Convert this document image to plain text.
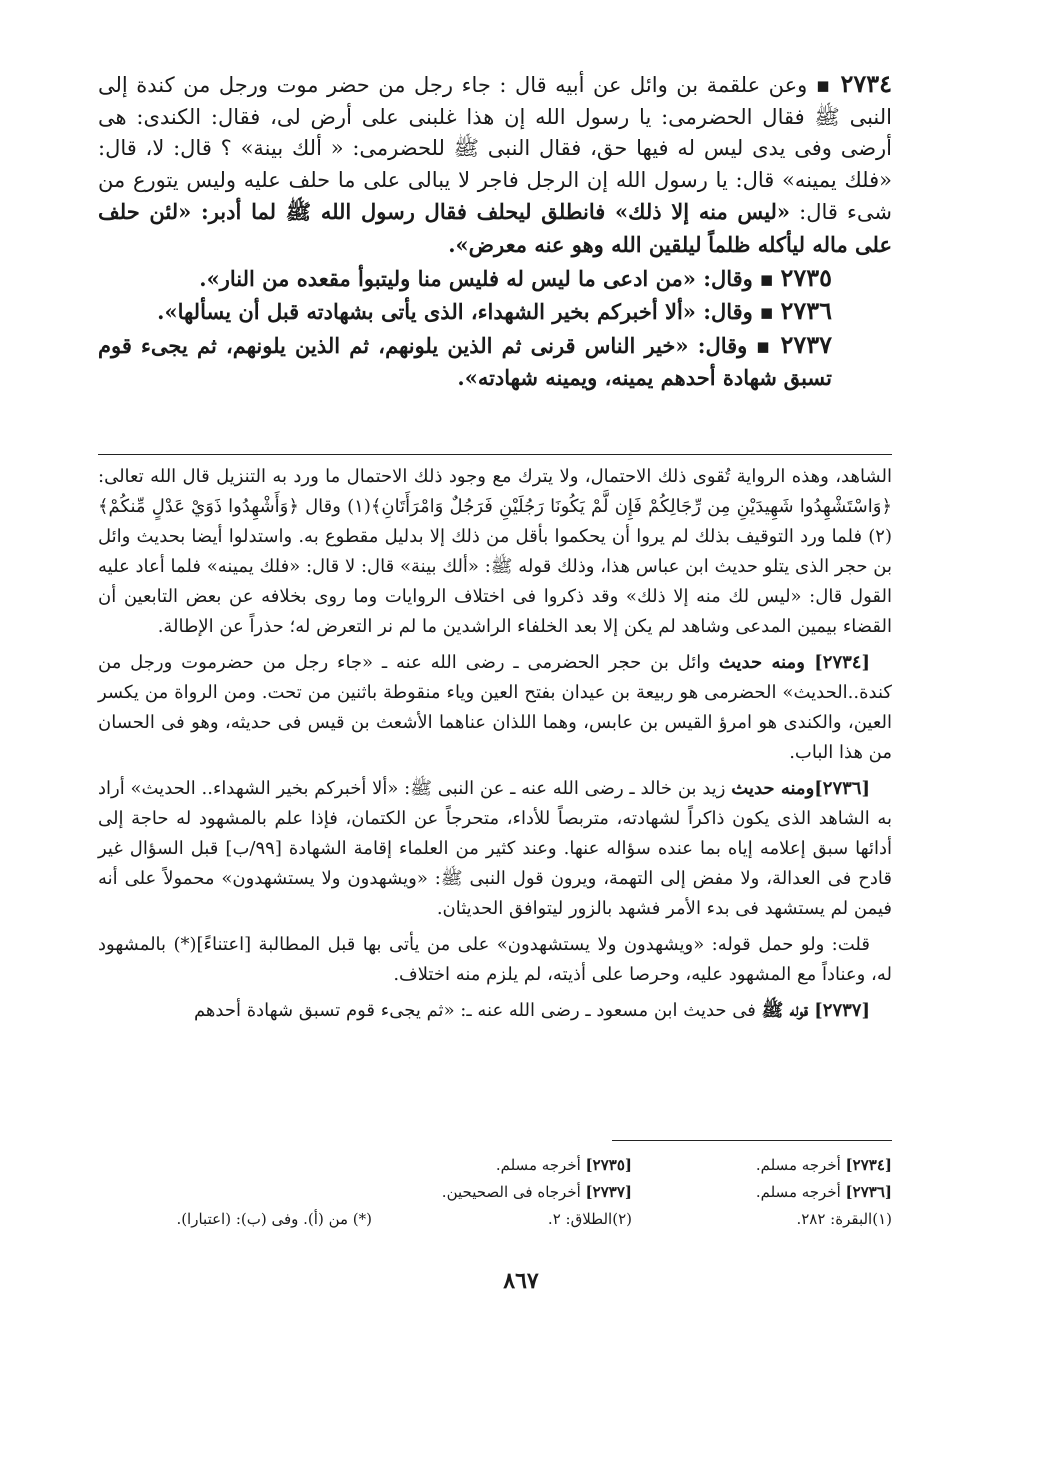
٢٧٣٤ ▪ وعن علقمة بن وائل عن أبيه قال : جاء رجل من حضر موت ورجل من كندة إلى النبى ﷺ فقال الحضرمى: يا رسول الله إن هذا غلبنى على أرض لى، فقال: الكندى: هى أرضى وفى يدى ليس له فيها حق، فقال النبى ﷺ للحضرمى: « ألك بينة» ؟ قال: لا، قال: «فلك يمينه» قال: يا رسول الله إن الرجل فاجر لا يبالى على ما حلف عليه وليس يتورع من شىء قال: «ليس منه إلا ذلك» فانطلق ليحلف فقال رسول الله ﷺ لما أدبر: «لئن حلف على ماله ليأكله ظلماً ليلقين الله وهو عنه معرض».

٢٧٣٥ ▪ وقال: «من ادعى ما ليس له فليس منا وليتبوأ مقعده من النار».

٢٧٣٦ ▪ وقال: «ألا أخبركم بخير الشهداء، الذى يأتى بشهادته قبل أن يسألها».

٢٧٣٧ ▪ وقال: «خير الناس قرنى ثم الذين يلونهم، ثم الذين يلونهم، ثم يجىء قوم تسبق شهادة أحدهم يمينه، ويمينه شهادته».

الشاهد، وهذه الرواية تُقوى ذلك الاحتمال، ولا يترك مع وجود ذلك الاحتمال ما ورد به التنزيل قال الله تعالى: ﴿وَاسْتَشْهِدُوا شَهِيدَيْنِ مِن رِّجَالِكُمْ فَإِن لَّمْ يَكُونَا رَجُلَيْنِ فَرَجُلٌ وَامْرَأَتَانِ﴾(١) وقال ﴿وَأَشْهِدُوا ذَوَيْ عَدْلٍ مِّنكُمْ﴾(٢) فلما ورد التوقيف بذلك لم يروا أن يحكموا بأقل من ذلك إلا بدليل مقطوع به. واستدلوا أيضا بحديث وائل بن حجر الذى يتلو حديث ابن عباس هذا، وذلك قوله ﷺ: «ألك بينة» قال: لا قال: «فلك يمينه» فلما أعاد عليه القول قال: «ليس لك منه إلا ذلك» وقد ذكروا فى اختلاف الروايات وما روى بخلافه عن بعض التابعين أن القضاء بيمين المدعى وشاهد لم يكن إلا بعد الخلفاء الراشدين ما لم نر التعرض له؛ حذراً عن الإطالة.

[٢٧٣٤] ومنه حديث وائل بن حجر الحضرمى ـ رضى الله عنه ـ «جاء رجل من حضرموت ورجل من كندة..الحديث» الحضرمى هو ربيعة بن عيدان بفتح العين وياء منقوطة باثنين من تحت. ومن الرواة من يكسر العين، والكندى هو امرؤ القيس بن عابس، وهما اللذان عناهما الأشعث بن قيس فى حديثه، وهو فى الحسان من هذا الباب.

[٢٧٣٦]ومنه حديث زيد بن خالد ـ رضى الله عنه ـ عن النبى ﷺ: «ألا أخبركم بخير الشهداء.. الحديث» أراد به الشاهد الذى يكون ذاكراً لشهادته، متربصاً للأداء، متحرجاً عن الكتمان، فإذا علم بالمشهود له حاجة إلى أدائها سبق إعلامه إياه بما عنده سؤاله عنها. وعند كثير من العلماء إقامة الشهادة [٩٩/ب] قبل السؤال غير قادح فى العدالة، ولا مفض إلى التهمة، ويرون قول النبى ﷺ: «ويشهدون ولا يستشهدون» محمولاً على أنه فيمن لم يستشهد فى بدء الأمر فشهد بالزور ليتوافق الحديثان.

قلت: ولو حمل قوله: «ويشهدون ولا يستشهدون» على من يأتى بها قبل المطالبة [اعتناءً](*) بالمشهود له، وعناداً مع المشهود عليه، وحرصا على أذيته، لم يلزم منه اختلاف.

[٢٧٣٧] قوله ﷺ فى حديث ابن مسعود ـ رضى الله عنه ـ: «ثم يجىء قوم تسبق شهادة أحدهم

[٢٧٣٤] أخرجه مسلم.
[٢٧٣٥] أخرجه مسلم.
[٢٧٣٦] أخرجه مسلم.
[٢٧٣٧] أخرجاه فى الصحيحين.
(١)البقرة: ٢٨٢.
(٢)الطلاق: ٢.
(*) من (أ). وفى (ب): (اعتبارا).
٨٦٧
